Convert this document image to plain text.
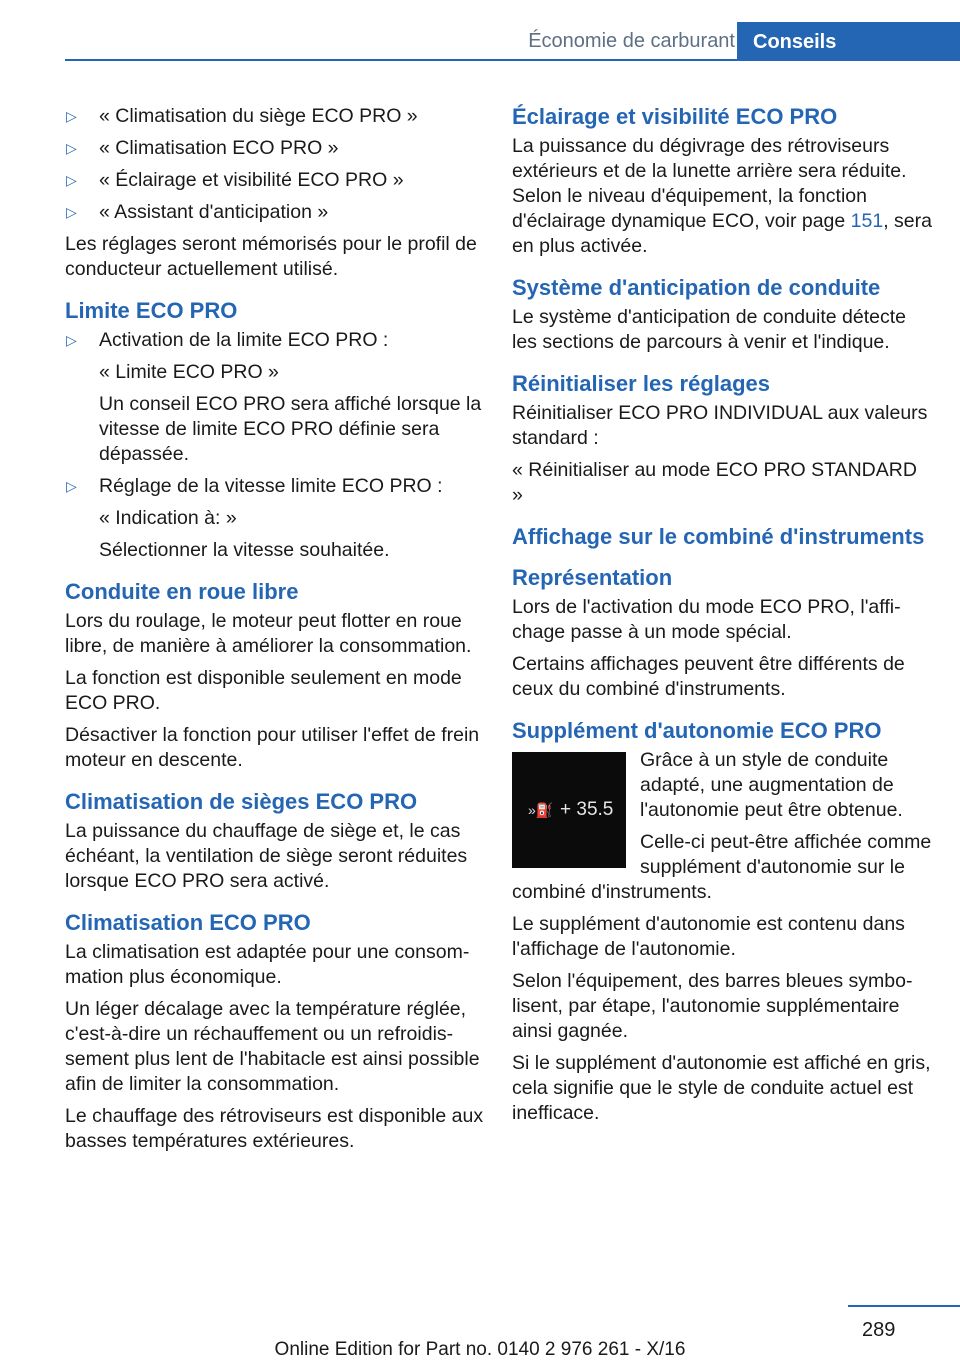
Économie de carburant Conseils
▷ « Climatisation du siège ECO PRO »
▷ « Climatisation ECO PRO »
▷ « Éclairage et visibilité ECO PRO »
▷ « Assistant d'anticipation »

Les réglages seront mémorisés pour le profil de conducteur actuellement utilisé.

Limite ECO PRO
▷ Activation de la limite ECO PRO :
« Limite ECO PRO »
Un conseil ECO PRO sera affiché lorsque la vitesse de limite ECO PRO définie sera dépassée.
▷ Réglage de la vitesse limite ECO PRO :
« Indication à: »
Sélectionner la vitesse souhaitée.
Conduite en roue libre

Lors du roulage, le moteur peut flotter en roue libre, de manière à améliorer la consommation.

La fonction est disponible seulement en mode ECO PRO.

Désactiver la fonction pour utiliser l'effet de frein moteur en descente.

Climatisation de sièges ECO PRO

La puissance du chauffage de siège et, le cas échéant, la ventilation de siège seront réduites lorsque ECO PRO sera activé.

Climatisation ECO PRO

La climatisation est adaptée pour une consommation plus économique.

Un léger décalage avec la température réglée, c'est-à-dire un réchauffement ou un refroidissement plus lent de l'habitacle est ainsi possible afin de limiter la consommation.

Le chauffage des rétroviseurs est disponible aux basses températures extérieures.

Éclairage et visibilité ECO PRO

La puissance du dégivrage des rétroviseurs extérieurs et de la lunette arrière sera réduite. Selon le niveau d'équipement, la fonction d'éclairage dynamique ECO, voir page 151, sera en plus activée.

Système d'anticipation de conduite

Le système d'anticipation de conduite détecte les sections de parcours à venir et l'indique.

Réinitialiser les réglages

Réinitialiser ECO PRO INDIVIDUAL aux valeurs standard :

« Réinitialiser au mode ECO PRO STANDARD »

Affichage sur le combiné d'instruments
Représentation

Lors de l'activation du mode ECO PRO, l'affichage passe à un mode spécial.

Certains affichages peuvent être différents de ceux du combiné d'instruments.

Supplément d'autonomie ECO PRO
»⛽ + 35.5

Grâce à un style de conduite adapté, une augmentation de l'autonomie peut être obtenue.

Celle-ci peut-être affichée comme supplément d'autonomie sur le combiné d'instruments.

Le supplément d'autonomie est contenu dans l'affichage de l'autonomie.

Selon l'équipement, des barres bleues symbolisent, par étape, l'autonomie supplémentaire ainsi gagnée.

Si le supplément d'autonomie est affiché en gris, cela signifie que le style de conduite actuel est inefficace.

289
Online Edition for Part no. 0140 2 976 261 - X/16
